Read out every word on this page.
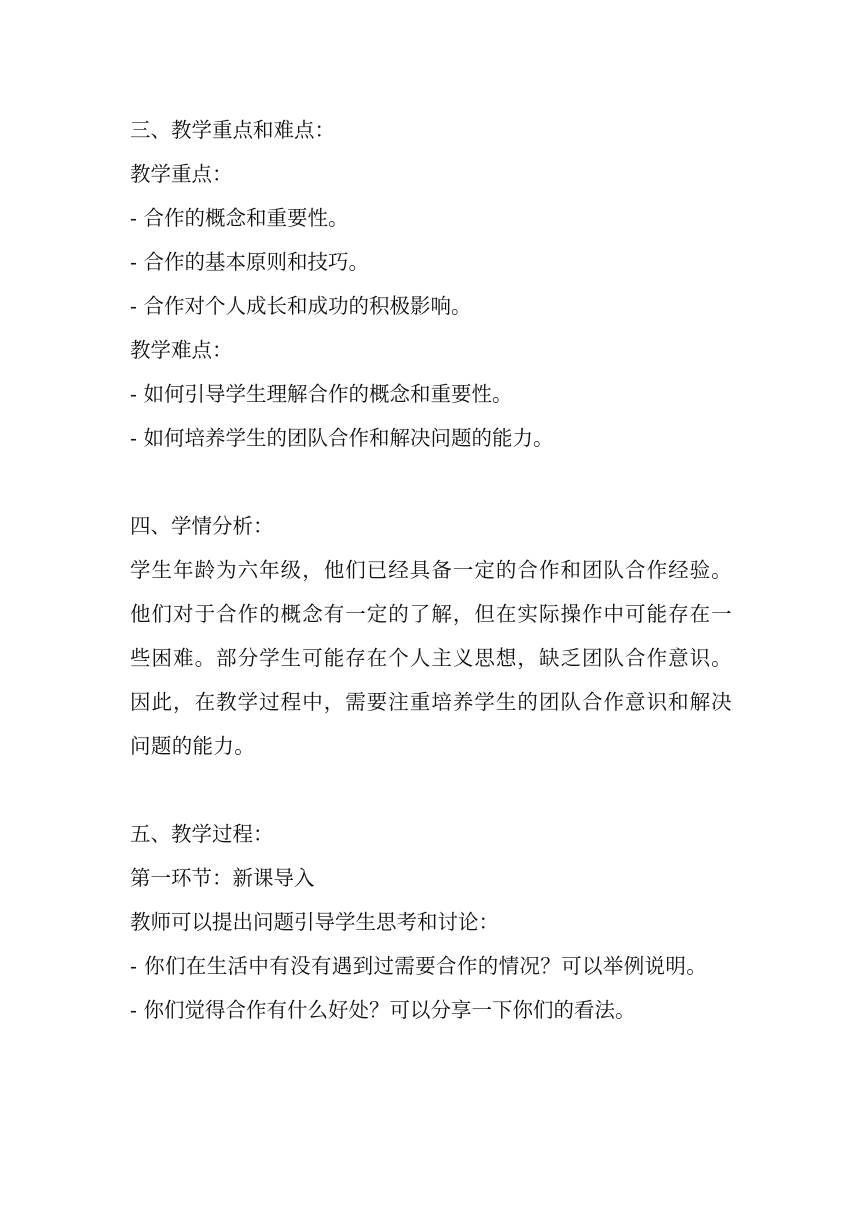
三、教学重点和难点：

教学重点：

- 合作的概念和重要性。

- 合作的基本原则和技巧。

- 合作对个人成长和成功的积极影响。

教学难点：

- 如何引导学生理解合作的概念和重要性。

- 如何培养学生的团队合作和解决问题的能力。

四、学情分析：

学生年龄为六年级，他们已经具备一定的合作和团队合作经验。他们对于合作的概念有一定的了解，但在实际操作中可能存在一些困难。部分学生可能存在个人主义思想，缺乏团队合作意识。因此，在教学过程中，需要注重培养学生的团队合作意识和解决问题的能力。

五、教学过程：

第一环节：新课导入

教师可以提出问题引导学生思考和讨论：

- 你们在生活中有没有遇到过需要合作的情况？可以举例说明。

- 你们觉得合作有什么好处？可以分享一下你们的看法。
